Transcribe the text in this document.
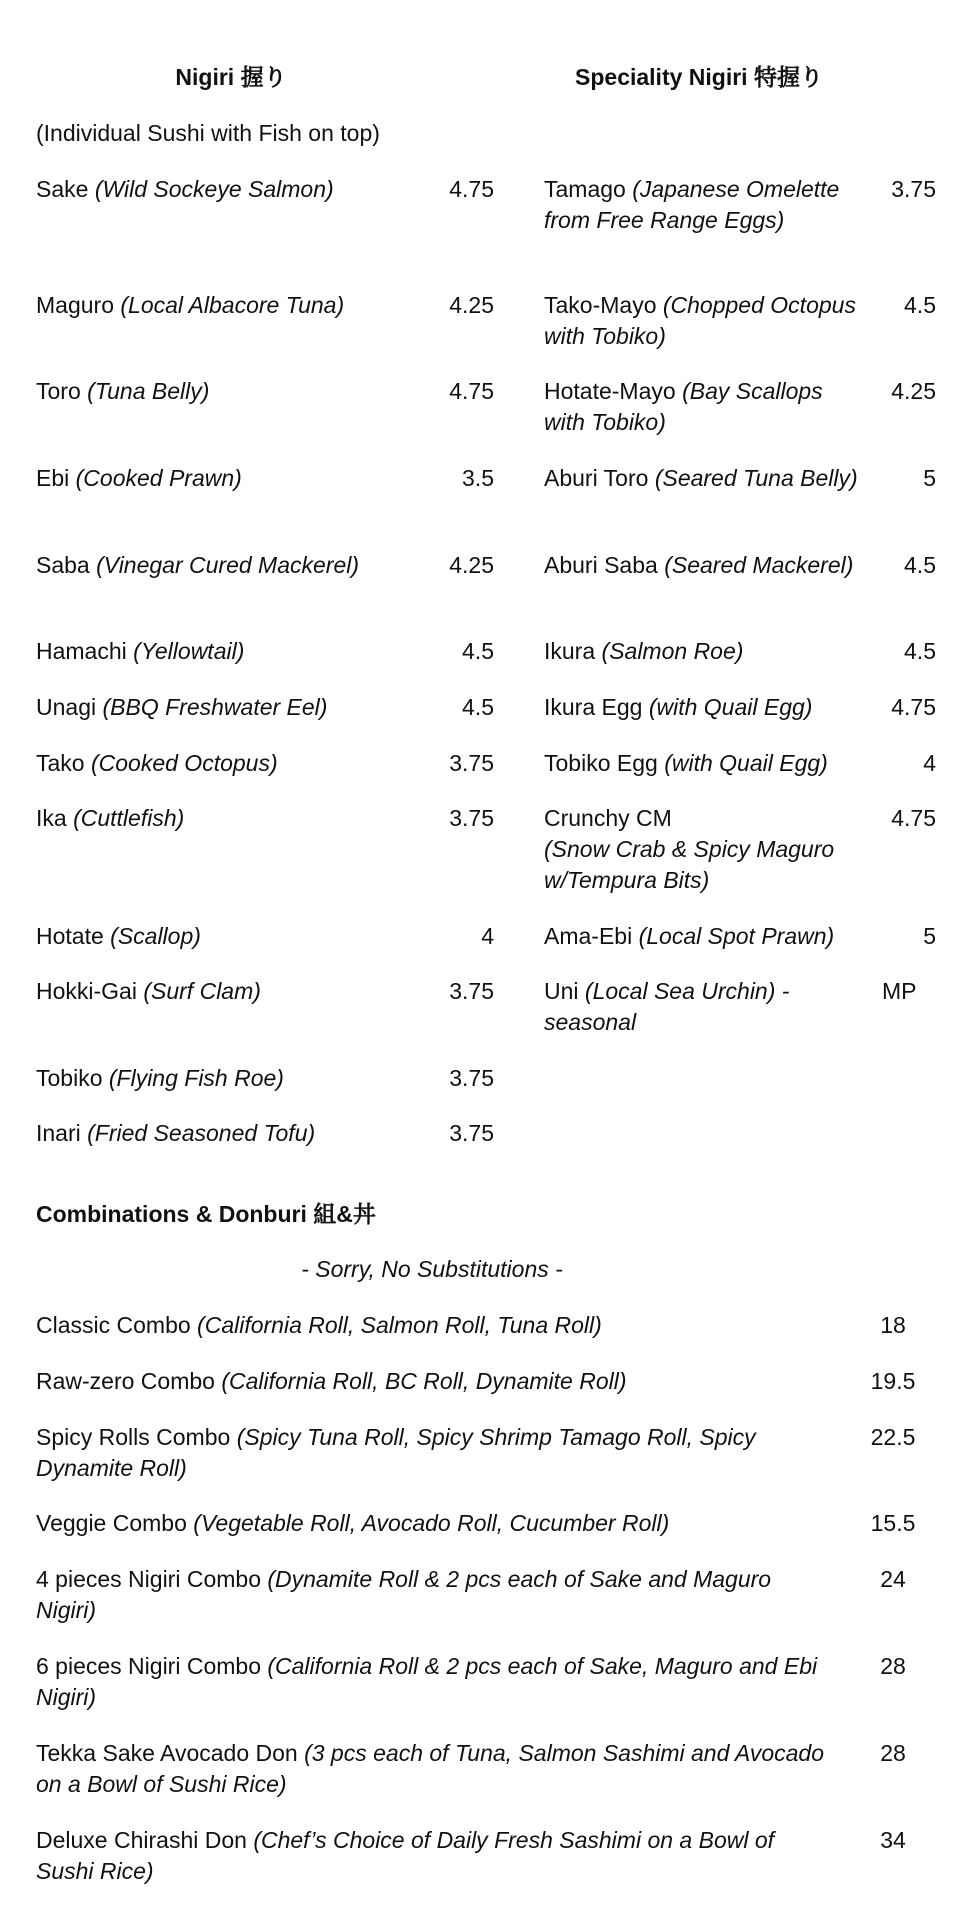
Nigiri 握り
(Individual Sushi with Fish on top)
Sake (Wild Sockeye Salmon)	4.75
Maguro (Local Albacore Tuna)	4.25
Toro (Tuna Belly)	4.75
Ebi (Cooked Prawn)	3.5
Saba (Vinegar Cured Mackerel)	4.25
Hamachi (Yellowtail)	4.5
Unagi (BBQ Freshwater Eel)	4.5
Tako (Cooked Octopus)	3.75
Ika (Cuttlefish)	3.75
Hotate (Scallop)	4
Hokki-Gai (Surf Clam)	3.75
Tobiko (Flying Fish Roe)	3.75
Inari (Fried Seasoned Tofu)	3.75
Speciality Nigiri 特握り
Tamago (Japanese Omelette from Free Range Eggs)
3.75
Tako-Mayo (Chopped Octopus with Tobiko)
4.5
Hotate-Mayo (Bay Scallops with Tobiko)
4.25
Aburi Toro (Seared Tuna Belly)	5
Aburi Saba (Seared Mackerel)	4.5
Ikura (Salmon Roe)	4.5
Ikura Egg (with Quail Egg)	4.75
Tobiko Egg (with Quail Egg)	4
Crunchy CM
(Snow Crab & Spicy Maguro w/Tempura Bits)
4.75
Ama-Ebi (Local Spot Prawn)	5
Uni (Local Sea Urchin) - seasonal
MP
Combinations & Donburi 組&丼
- Sorry, No Substitutions -
Classic Combo (California Roll, Salmon Roll, Tuna Roll)	18
Raw-zero Combo (California Roll, BC Roll, Dynamite Roll)	19.5
Spicy Rolls Combo (Spicy Tuna Roll, Spicy Shrimp Tamago Roll, Spicy Dynamite Roll)
22.5
Veggie Combo (Vegetable Roll, Avocado Roll, Cucumber Roll)	15.5
4 pieces Nigiri Combo (Dynamite Roll & 2 pcs each of Sake and Maguro Nigiri)
24
6 pieces Nigiri Combo (California Roll & 2 pcs each of Sake, Maguro and Ebi Nigiri)
28
Tekka Sake Avocado Don (3 pcs each of Tuna, Salmon Sashimi and Avocado on a Bowl of Sushi Rice)
28
Deluxe Chirashi Don (Chef’s Choice of Daily Fresh Sashimi on a Bowl of Sushi Rice)
34
